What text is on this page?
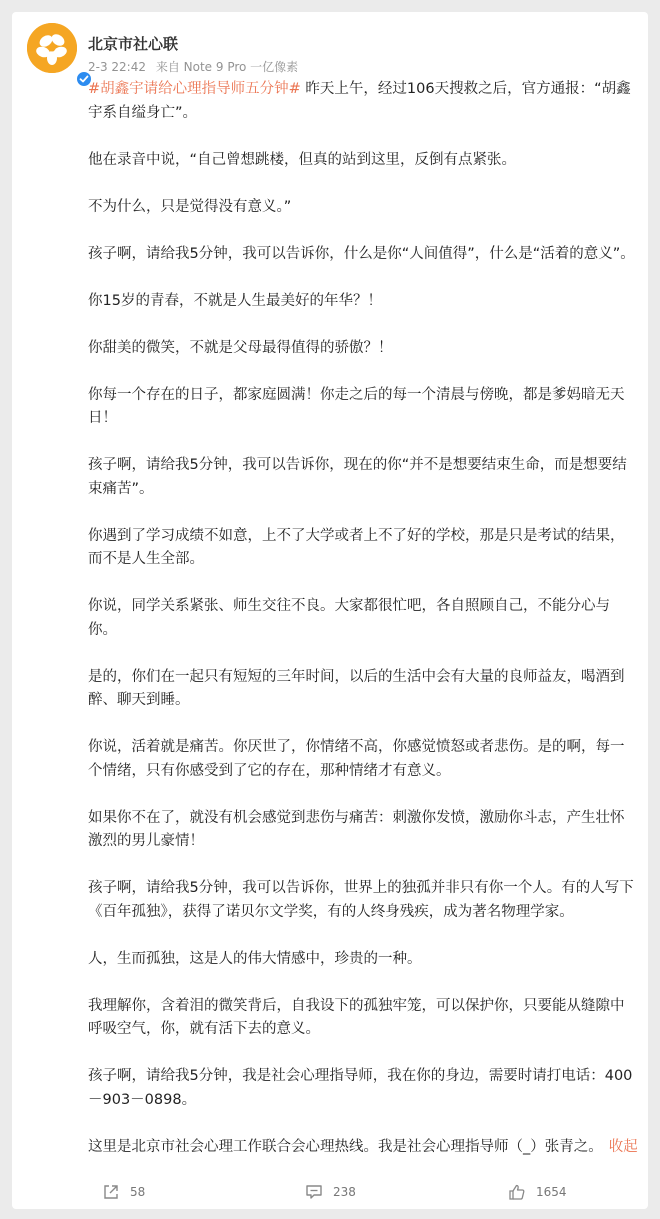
北京市社心联
2-3 22:42 来自 Note 9 Pro 一亿像素

#胡鑫宇请给心理指导师五分钟# 昨天上午，经过106天搜救之后，官方通报：“胡鑫宇系自缢身亡”。

他在录音中说，“自己曾想跳楼，但真的站到这里，反倒有点紧张。

不为什么，只是觉得没有意义。”

孩子啊，请给我5分钟，我可以告诉你，什么是你“人间值得”，什么是“活着的意义”。

你15岁的青春，不就是人生最美好的年华？！

你甜美的微笑，不就是父母最得值得的骄傲？！

你每一个存在的日子，都家庭圆满！你走之后的每一个清晨与傍晚，都是爹妈暗无天日！

孩子啊，请给我5分钟，我可以告诉你，现在的你“并不是想要结束生命，而是想要结束痛苦”。

你遇到了学习成绩不如意，上不了大学或者上不了好的学校，那是只是考试的结果，而不是人生全部。

你说，同学关系紧张、师生交往不良。大家都很忙吧，各自照顾自己，不能分心与你。

是的，你们在一起只有短短的三年时间，以后的生活中会有大量的良师益友，喝酒到醉、聊天到睡。

你说，活着就是痛苦。你厌世了，你情绪不高，你感觉愤怒或者悲伤。是的啊，每一个情绪，只有你感受到了它的存在，那种情绪才有意义。

如果你不在了，就没有机会感觉到悲伤与痛苦：刺激你发愤，激励你斗志，产生壮怀激烈的男儿豪情！

孩子啊，请给我5分钟，我可以告诉你，世界上的独孤并非只有你一个人。有的人写下《百年孤独》，获得了诺贝尔文学奖，有的人终身残疾，成为著名物理学家。

人，生而孤独，这是人的伟大情感中，珍贵的一种。

我理解你，含着泪的微笑背后，自我设下的孤独牢笼，可以保护你，只要能从缝隙中呼吸空气，你，就有活下去的意义。

孩子啊，请给我5分钟，我是社会心理指导师，我在你的身边，需要时请打电话：400－903－0898。

这里是北京市社会心理工作联合会心理热线。我是社会心理指导师（_）张青之。 收起

58	238	1654
